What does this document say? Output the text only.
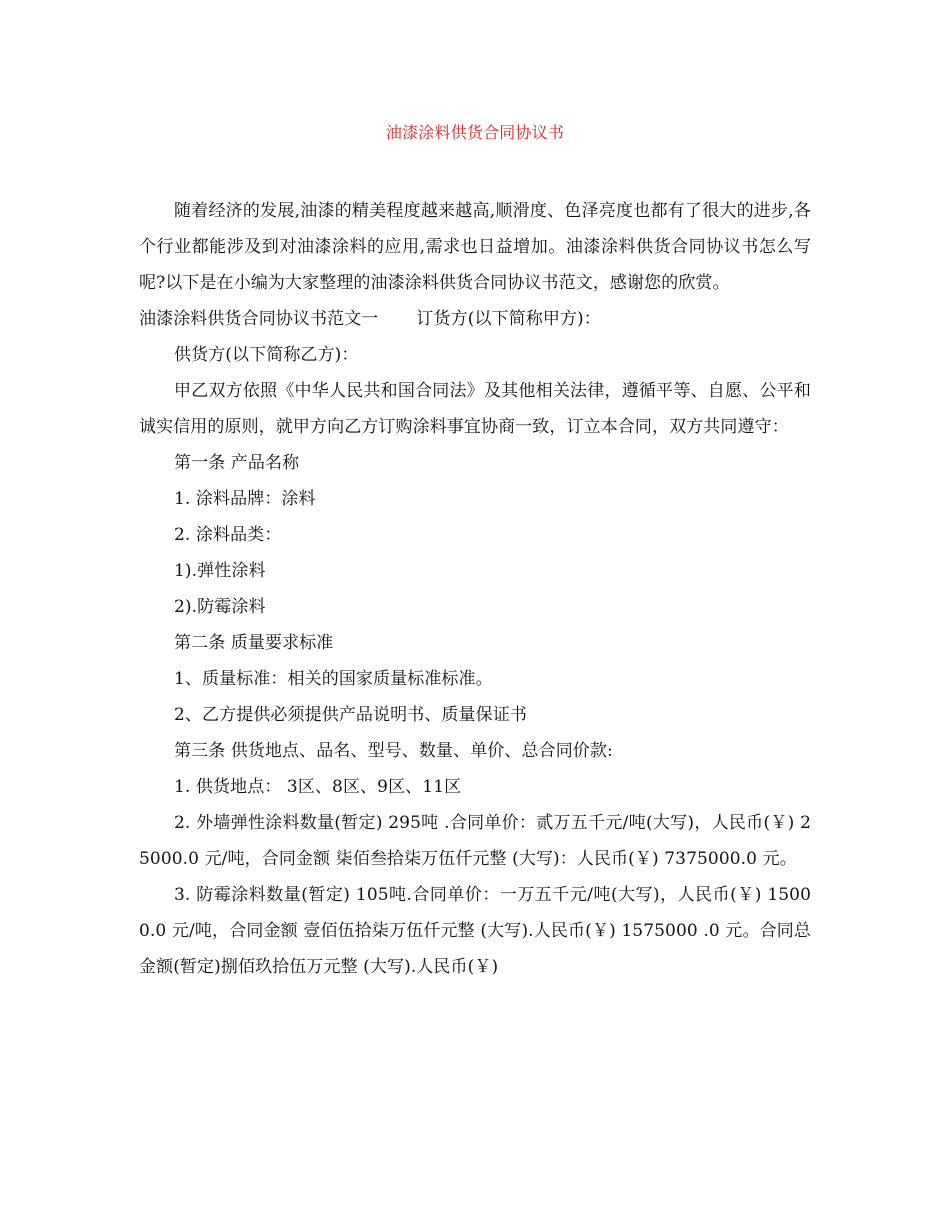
油漆涂料供货合同协议书

随着经济的发展,油漆的精美程度越来越高,顺滑度、色泽亮度也都有了很大的进步,各个行业都能涉及到对油漆涂料的应用,需求也日益增加。油漆涂料供货合同协议书怎么写呢?以下是在小编为大家整理的油漆涂料供货合同协议书范文，感谢您的欣赏。

油漆涂料供货合同协议书范文一 订货方(以下简称甲方)：

供货方(以下简称乙方)：

甲乙双方依照《中华人民共和国合同法》及其他相关法律，遵循平等、自愿、公平和诚实信用的原则，就甲方向乙方订购涂料事宜协商一致，订立本合同，双方共同遵守：

第一条 产品名称

1. 涂料品牌：涂料

2. 涂料品类：

1).弹性涂料

2).防霉涂料

第二条 质量要求标准

1、质量标准：相关的国家质量标准标准。

2、乙方提供必须提供产品说明书、质量保证书

第三条 供货地点、品名、型号、数量、单价、总合同价款:

1. 供货地点： 3区、8区、9区、11区

2. 外墙弹性涂料数量(暂定) 295吨 .合同单价：贰万五千元/吨(大写)，人民币(￥) 25000.0 元/吨，合同金额 柒佰叁拾柒万伍仟元整 (大写)：人民币(￥) 7375000.0 元。

3. 防霉涂料数量(暂定) 105吨.合同单价：一万五千元/吨(大写)，人民币(￥) 15000.0 元/吨，合同金额 壹佰伍拾柒万伍仟元整 (大写).人民币(￥) 1575000 .0 元。合同总金额(暂定)捌佰玖拾伍万元整 (大写).人民币(￥)
